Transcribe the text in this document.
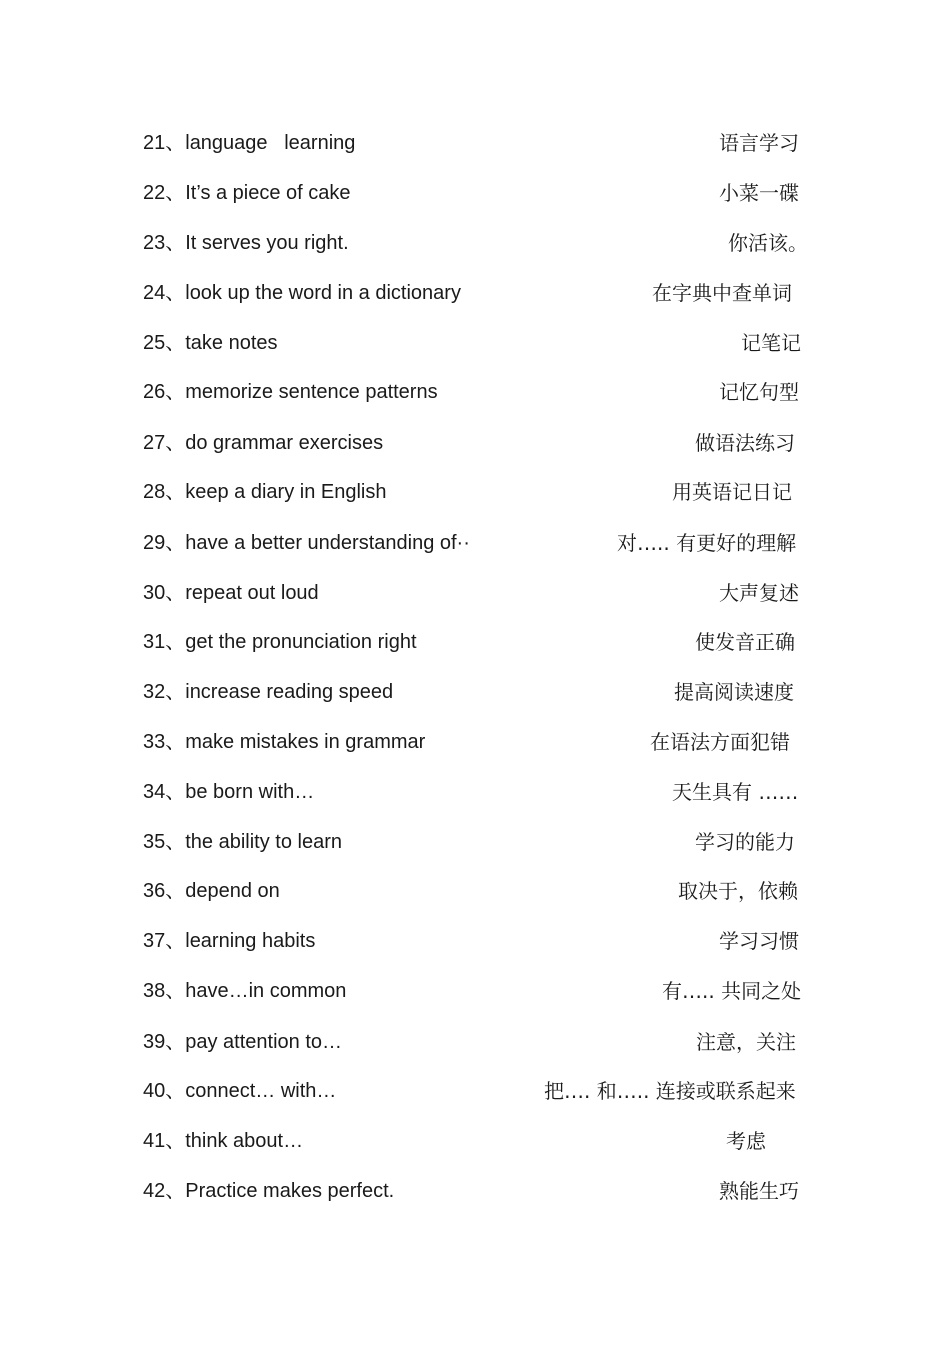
21、language   learning	语言学习
22、It’s a piece of cake	小菜一碟
23、It serves you right.	你活该。
24、look up the word in a dictionary	在字典中查单词
25、take notes	记笔记
26、memorize sentence patterns	记忆句型
27、do grammar exercises	做语法练习
28、keep a diary in English	用英语记日记
29、have a better understanding of··	对….. 有更好的理解
30、repeat out loud	大声复述
31、get the pronunciation right	使发音正确
32、increase reading speed	提高阅读速度
33、make mistakes in grammar	在语法方面犯错
34、be born with…	天生具有 ……
35、the ability to learn	学习的能力
36、depend on	取决于，依赖
37、learning habits	学习习惯
38、have…in common	有….. 共同之处
39、pay attention to…	注意，关注
40、connect… with…	把…. 和….. 连接或联系起来
41、think about…	考虑
42、Practice makes perfect.	熟能生巧
